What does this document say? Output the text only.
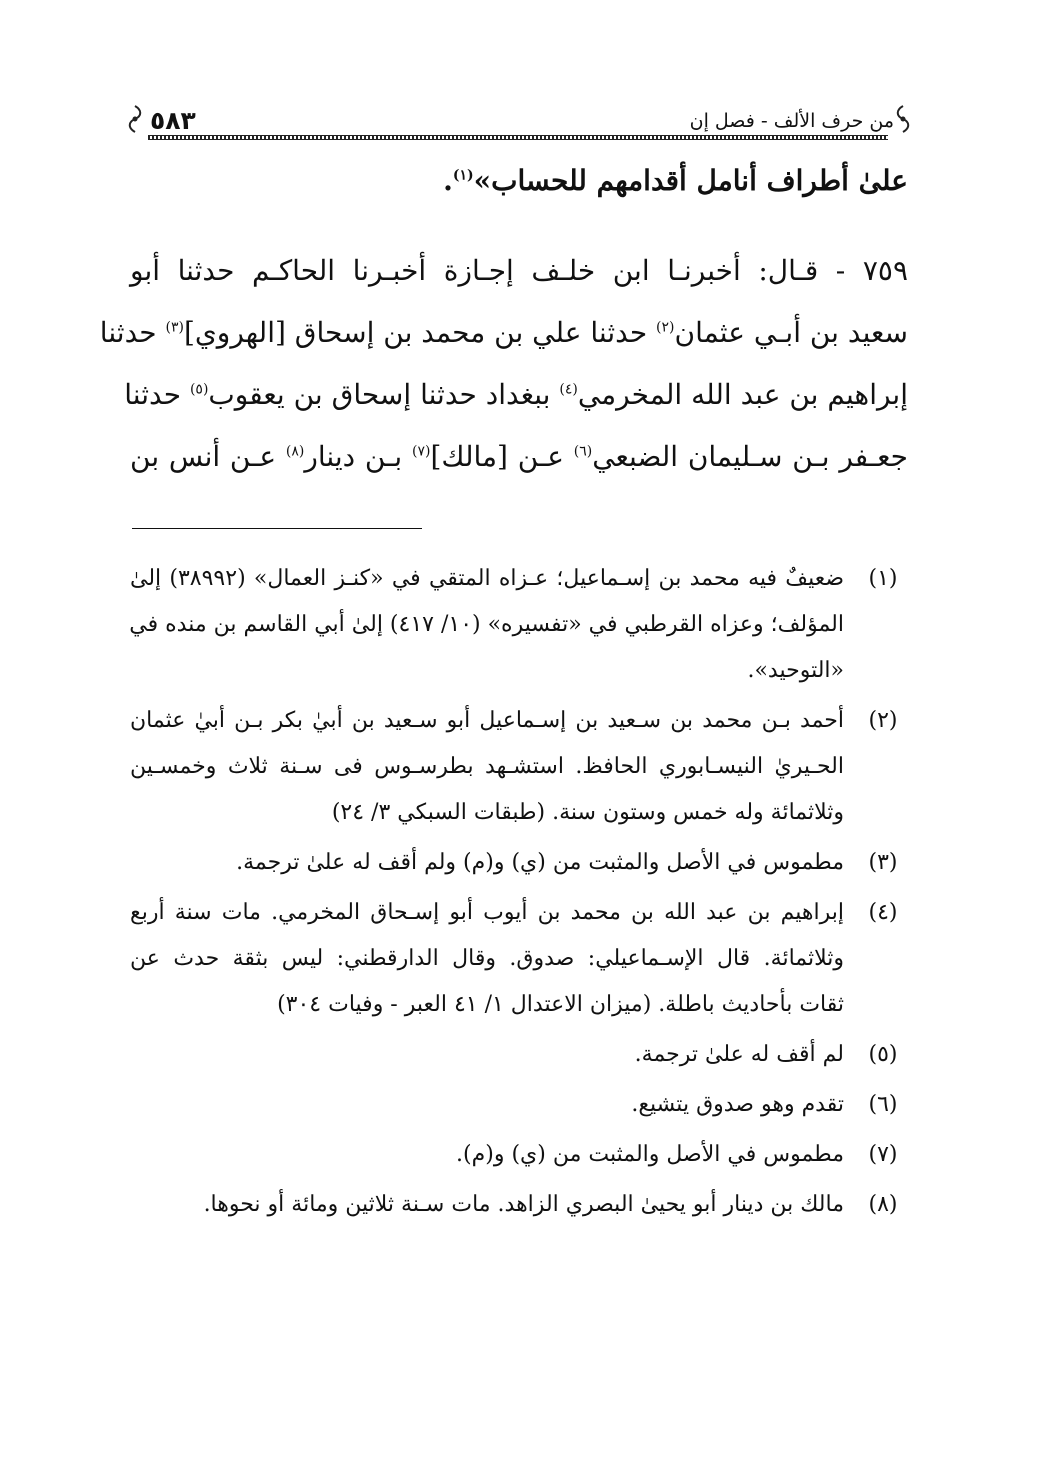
من حرف الألف - فصل إن
٥٨٣
علىٰ أطراف أنامل أقدامهم للحساب»$^{(١)}$.
٧٥٩ - قـال: أخبرنـا ابن خلـف إجـازة أخبـرنا الحاكـم حدثنا أبو
سعيد بن أبـي عثمان$^{(٢)}$ حدثنا علي بن محمد بن إسحاق [الهروي]$^{(٣)}$ حدثنا
إبراهيم بن عبد الله المخرمي$^{(٤)}$ ببغداد حدثنا إسحاق بن يعقوب$^{(٥)}$ حدثنا
جعـفر بـن سـليمان الضبعي$^{(٦)}$ عـن [مالك]$^{(٧)}$ بـن دينار$^{(٨)}$ عـن أنس بن
(١)
ضعيفٌ فيه محمد بن إسـماعيل؛ عـزاه المتقي في «كنـز العمال» (٣٨٩٩٢) إلىٰ
المؤلف؛ وعزاه القرطبي في «تفسيره» (١٠/ ٤١٧) إلىٰ أبي القاسم بن منده في
«التوحيد».
(٢)
أحمد بـن محمد بن سـعيد بن إسـماعيل أبو سـعيد بن أبيٰ بكر بـن أبيٰ عثمان
الحـيريٰ النيسـابوري الحافظ. استشـهد بطرسـوس فى سـنة ثلاث وخمسـين
وثلاثمائة وله خمس وستون سنة. (طبقات السبكي ٣/ ٢٤)
(٣)
مطموس في الأصل والمثبت من (ي) و(م) ولم أقف له علىٰ ترجمة.
(٤)
إبراهيم بن عبد الله بن محمد بن أيوب أبو إسـحاق المخرمي. مات سنة أربع
وثلاثمائة. قال الإسـماعيلي: صدوق. وقال الدارقطني: ليس بثقة حدث عن
ثقات بأحاديث باطلة. (ميزان الاعتدال ١/ ٤١ العبر - وفيات ٣٠٤)
(٥)
لم أقف له علىٰ ترجمة.
(٦)
تقدم وهو صدوق يتشيع.
(٧)
مطموس في الأصل والمثبت من (ي) و(م).
(٨)
مالك بن دينار أبو يحيىٰ البصري الزاهد. مات سـنة ثلاثين ومائة أو نحوها.
